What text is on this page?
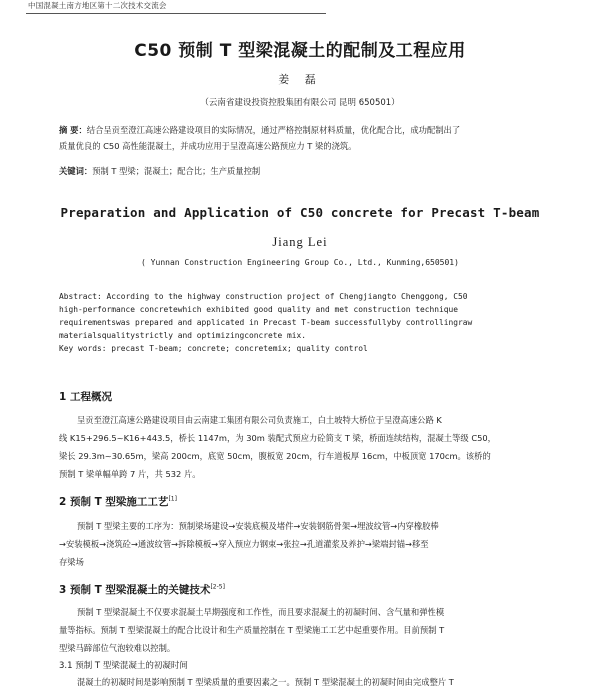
中国混凝土南方地区第十二次技术交流会
C50 预制 T 型梁混凝土的配制及工程应用
姜 磊
（云南省建设投资控股集团有限公司 昆明 650501）
摘 要：结合呈贡至澄江高速公路建设项目的实际情况，通过严格控制原材料质量，优化配合比，成功配制出了
质量优良的 C50 高性能混凝土，并成功应用于呈澄高速公路预应力 T 梁的浇筑。
关键词：预制 T 型梁；混凝土；配合比；生产质量控制
Preparation and Application of C50 concrete for Precast T-beam
Jiang Lei
( Yunnan Construction Engineering Group Co., Ltd., Kunming,650501)
Abstract: According to the highway construction project of Chengjiangto Chenggong, C50
high-performance concretewhich exhibited good quality and met construction technique
requirementswas prepared and applicated in Precast T-beam successfullyby controllingraw
materialsqualitystrictly and optimizingconcrete mix.
Key words: precast T-beam; concrete; concretemix; quality control
1 工程概况
呈贡至澄江高速公路建设项目由云南建工集团有限公司负责施工，白土坡特大桥位于呈澄高速公路 K
线 K15+296.5~K16+443.5，桥长 1147m，为 30m 装配式预应力砼简支 T 梁，桥面连续结构，混凝土等级 C50，
梁长 29.3m~30.65m，梁高 200cm，底宽 50cm，腹板宽 20cm，行车道板厚 16cm，中板顶宽 170cm。该桥的
预制 T 梁单幅单跨 7 片，共 532 片。
2 预制 T 型梁施工工艺[1]
预制 T 型梁主要的工序为：预制梁场建设→安装底模及堵件→安装钢筋骨架→埋波纹管→内穿橡胶棒
→安装模板→浇筑砼→通波纹管→拆除模板→穿入预应力钢束→张拉→孔道灌浆及养护→梁端封锚→移至
存梁场
3 预制 T 型梁混凝土的关键技术[2-5]
预制 T 型梁混凝土不仅要求混凝土早期强度和工作性，而且要求混凝土的初凝时间、含气量和弹性模
量等指标。预制 T 型梁混凝土的配合比设计和生产质量控制在 T 型梁施工工艺中起重要作用。目前预制 T
型梁马蹄部位气泡较难以控制。
3.1 预制 T 型梁混凝土的初凝时间
混凝土的初凝时间是影响预制 T 型梁质量的重要因素之一。预制 T 型梁混凝土的初凝时间由完成整片 T
